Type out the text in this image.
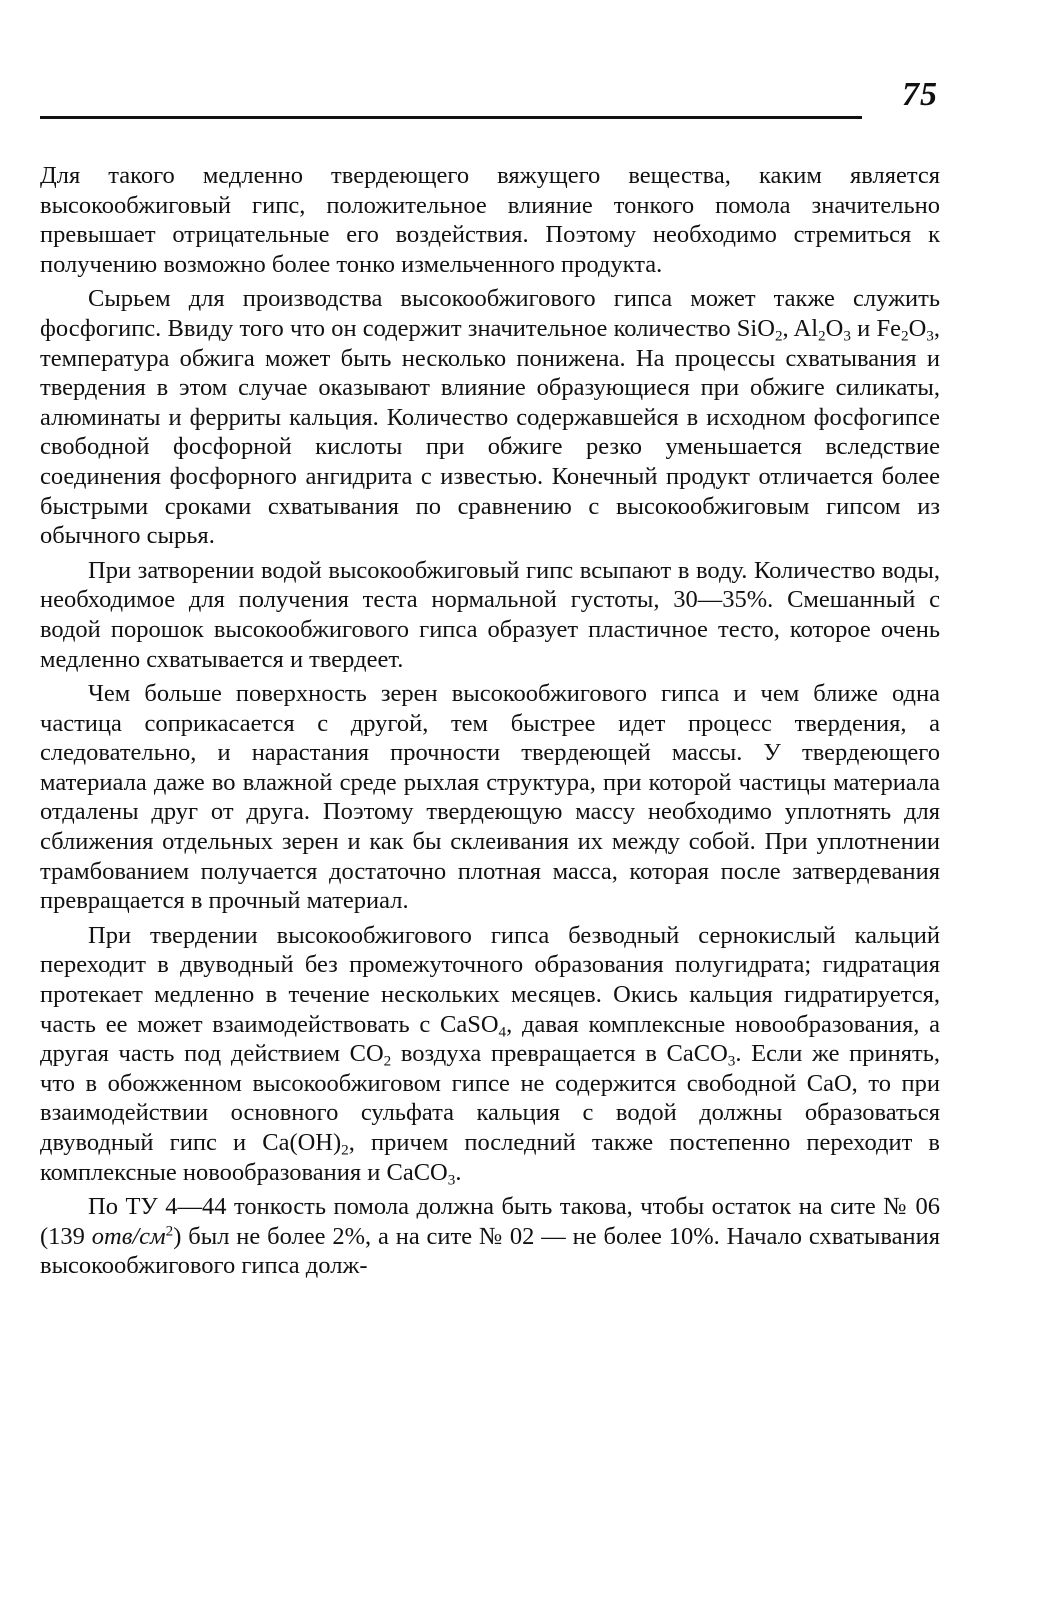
75

Для такого медленно твердеющего вяжущего вещества, каким является высокообжиговый гипс, положительное влияние тонкого помола значительно превышает отрицательные его воздействия. Поэтому необходимо стремиться к получению возможно более тонко измельченного продукта.

Сырьем для производства высокообжигового гипса может также служить фосфогипс. Ввиду того что он содержит значительное количество SiO$_2$, $Al_2O_3$ и $Fe_2O_3$, температура обжига может быть несколько понижена. На процессы схватывания и твердения в этом случае оказывают влияние образующиеся при обжиге силикаты, алюминаты и ферриты кальция. Количество содержавшейся в исходном фосфогипсе свободной фосфорной кислоты при обжиге резко уменьшается вследствие соединения фосфорного ангидрита с известью. Конечный продукт отличается более быстрыми сроками схватывания по сравнению с высокообжиговым гипсом из обычного сырья.

При затворении водой высокообжиговый гипс всыпают в воду. Количество воды, необходимое для получения теста нормальной густоты, 30—35%. Смешанный с водой порошок высокообжигового гипса образует пластичное тесто, которое очень медленно схватывается и твердеет.

Чем больше поверхность зерен высокообжигового гипса и чем ближе одна частица соприкасается с другой, тем быстрее идет процесс твердения, а следовательно, и нарастания прочности твердеющей массы. У твердеющего материала даже во влажной среде рыхлая структура, при которой частицы материала отдалены друг от друга. Поэтому твердеющую массу необходимо уплотнять для сближения отдельных зерен и как бы склеивания их между собой. При уплотнении трамбованием получается достаточно плотная масса, которая после затвердевания превращается в прочный материал.

При твердении высокообжигового гипса безводный сернокислый кальций переходит в двуводный без промежуточного образования полугидрата; гидратация протекает медленно в течение нескольких месяцев. Окись кальция гидратируется, часть ее может взаимодействовать с CaSO$_4$, давая комплексные новообразования, а другая часть под действием $CO_2$ воздуха превращается в CaCO$_3$. Если же принять, что в обожженном высокообжиговом гипсе не содержится свободной CaO, то при взаимодействии основного сульфата кальция с водой должны образоваться двуводный гипс и $Ca(OH)_2$, причем последний также постепенно переходит в комплексные новообразования и CaCO$_3$.

По ТУ 4—44 тонкость помола должна быть такова, чтобы остаток на сите № 06 (139 отв/$см^2$) был не более 2%, а на сите № 02 — не более 10%. Начало схватывания высокообжигового гипса долж-
